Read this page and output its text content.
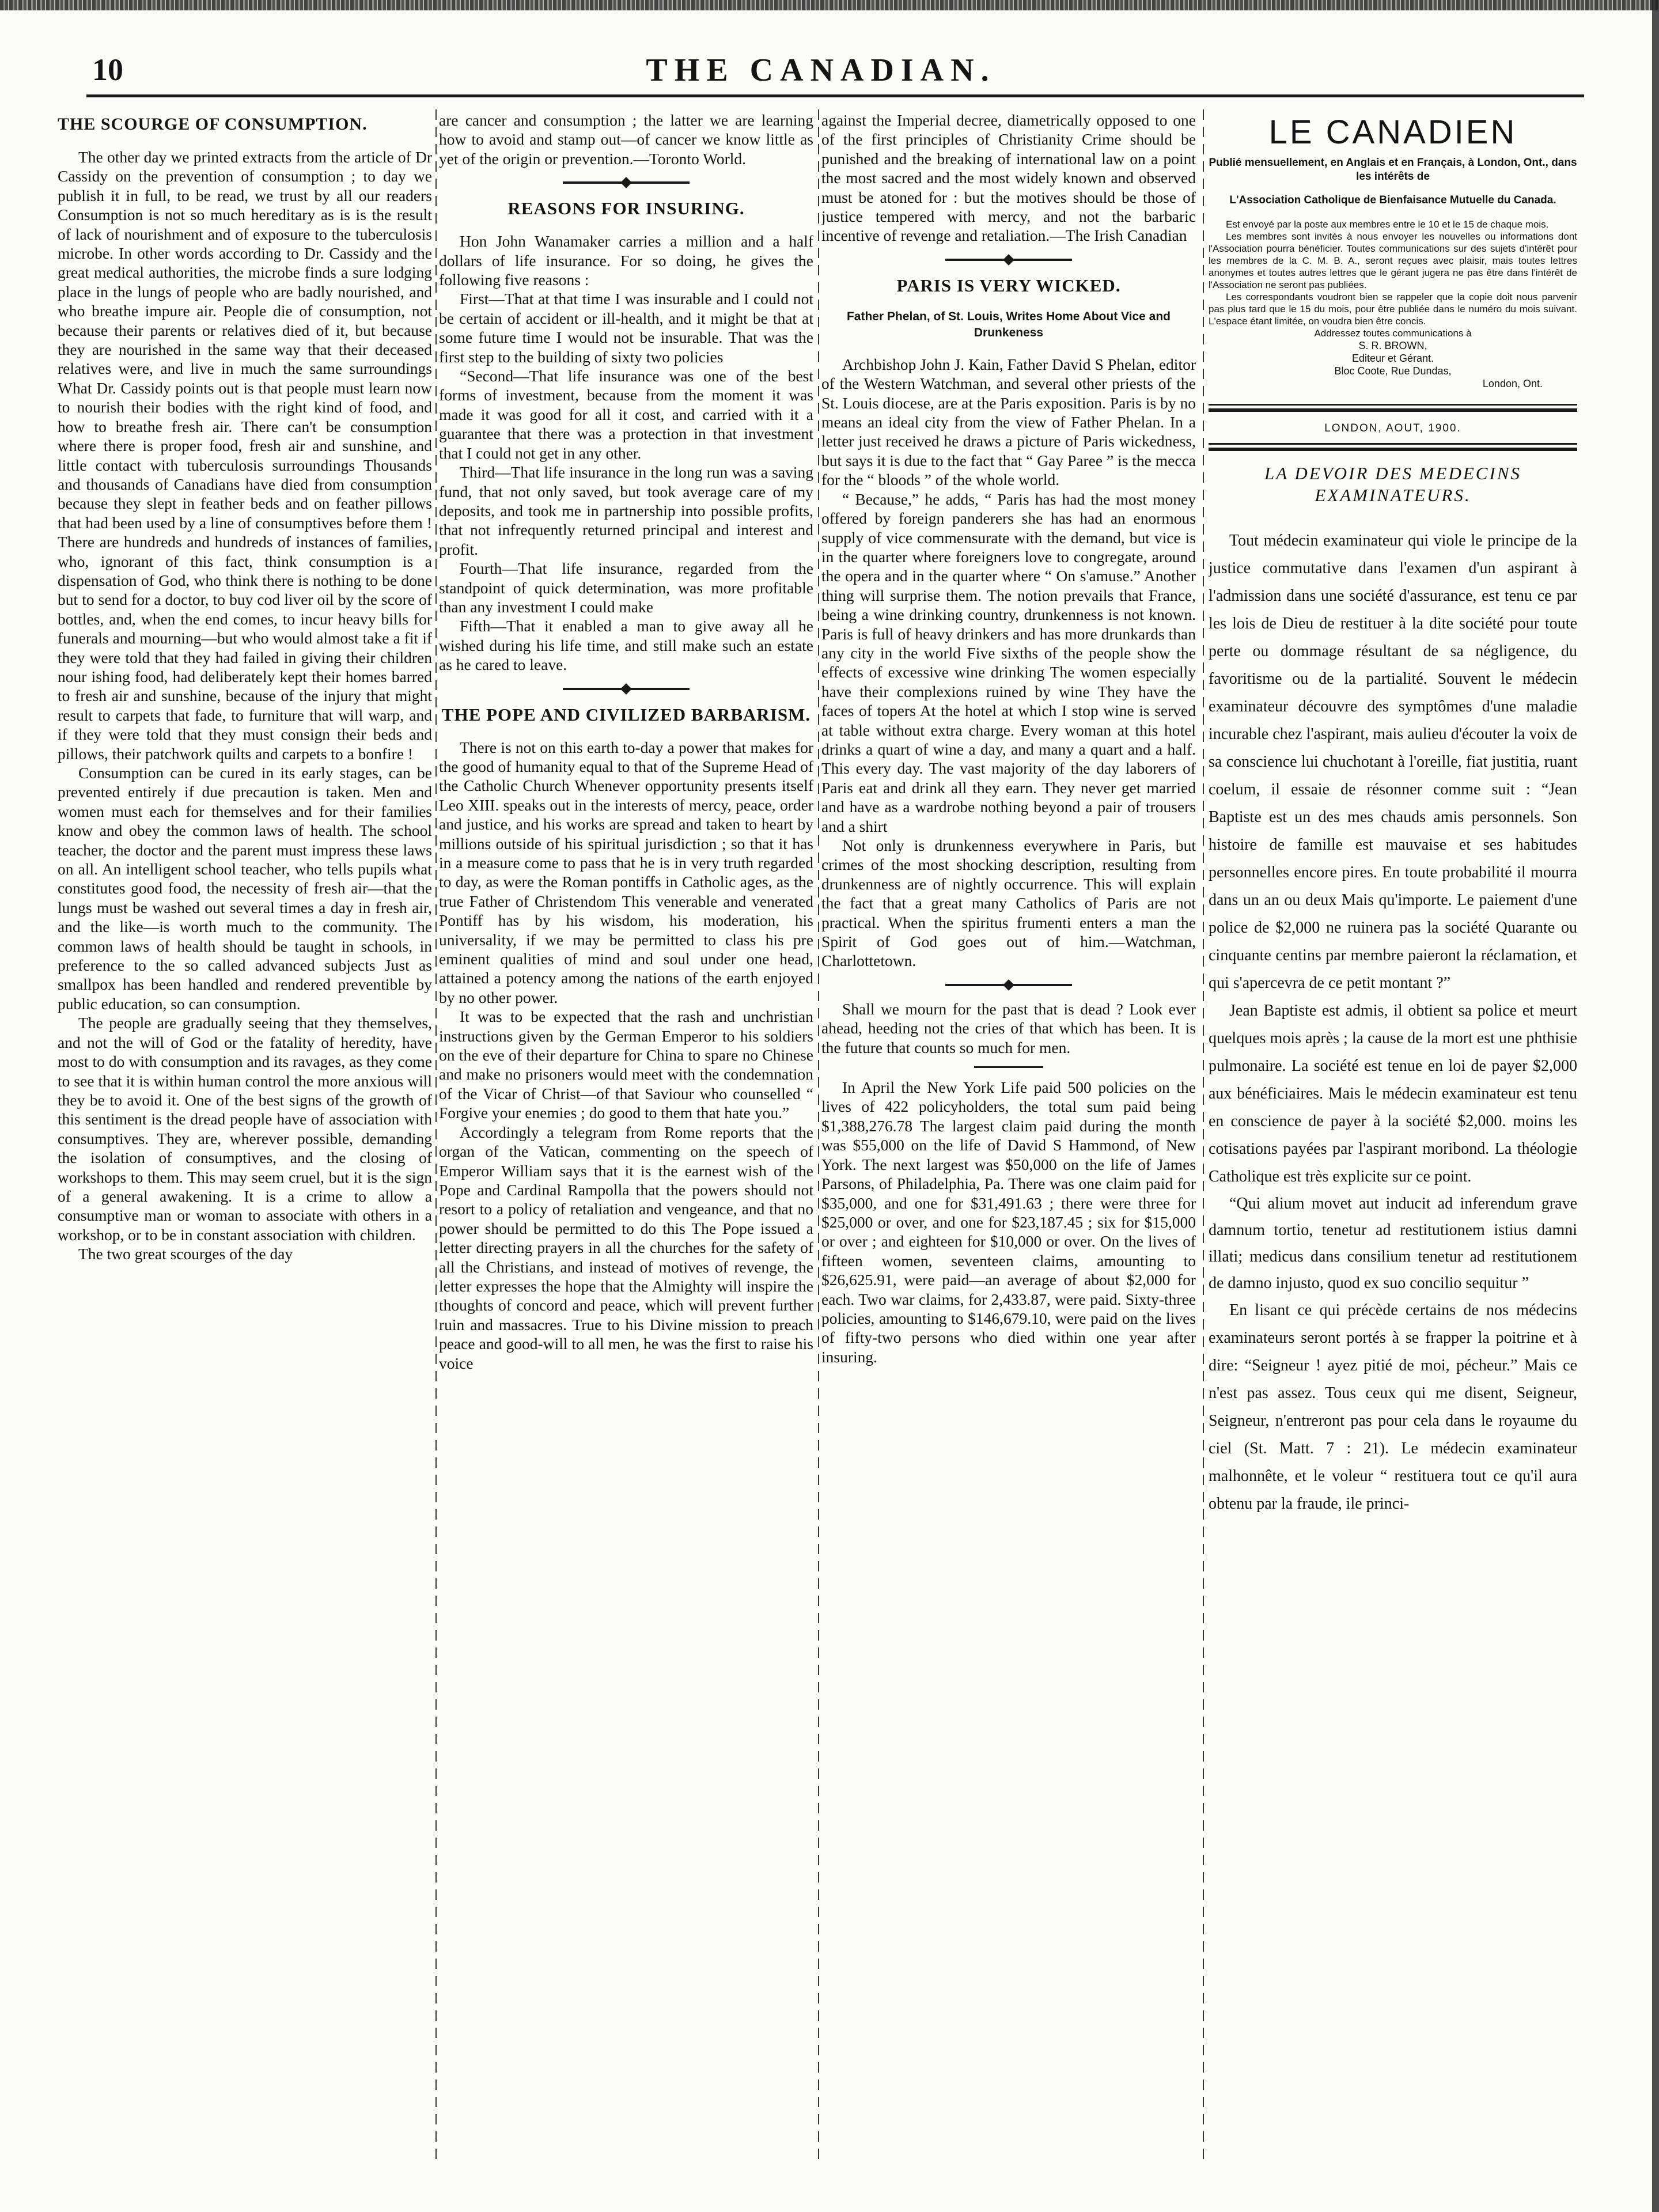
THE CANADIAN.
10
THE SCOURGE OF CONSUMPTION.

The other day we printed extracts from the article of Dr Cassidy on the prevention of consumption ; to day we publish it in full, to be read, we trust by all our readers Consumption is not so much hereditary as is is the result of lack of nourishment and of exposure to the tuberculosis microbe. In other words according to Dr. Cassidy and the great medical authorities, the microbe finds a sure lodging place in the lungs of people who are badly nourished, and who breathe impure air. People die of consumption, not because their parents or relatives died of it, but because they are nourished in the same way that their deceased relatives were, and live in much the same surroundings What Dr. Cassidy points out is that people must learn now to nourish their bodies with the right kind of food, and how to breathe fresh air. There can't be consumption where there is proper food, fresh air and sunshine, and little contact with tuberculosis surroundings Thousands and thousands of Canadians have died from consumption because they slept in feather beds and on feather pillows that had been used by a line of consumptives before them ! There are hundreds and hundreds of instances of families, who, ignorant of this fact, think consumption is a dispensation of God, who think there is nothing to be done but to send for a doctor, to buy cod liver oil by the score of bottles, and, when the end comes, to incur heavy bills for funerals and mourning—but who would almost take a fit if they were told that they had failed in giving their children nour ishing food, had deliberately kept their homes barred to fresh air and sunshine, because of the injury that might result to carpets that fade, to furniture that will warp, and if they were told that they must consign their beds and pillows, their patchwork quilts and carpets to a bonfire !

Consumption can be cured in its early stages, can be prevented entirely if due precaution is taken. Men and women must each for themselves and for their families know and obey the common laws of health. The school teacher, the doctor and the parent must impress these laws on all. An intelligent school teacher, who tells pupils what constitutes good food, the necessity of fresh air—that the lungs must be washed out several times a day in fresh air, and the like—is worth much to the community. The common laws of health should be taught in schools, in preference to the so called advanced subjects Just as smallpox has been handled and rendered preventible by public education, so can consumption.

The people are gradually seeing that they themselves, and not the will of God or the fatality of heredity, have most to do with consumption and its ravages, as they come to see that it is within human control the more anxious will they be to avoid it. One of the best signs of the growth of this sentiment is the dread people have of association with consumptives. They are, wherever possible, demanding the isolation of consumptives, and the closing of workshops to them. This may seem cruel, but it is the sign of a general awakening. It is a crime to allow a consumptive man or woman to associate with others in a workshop, or to be in constant association with children.

The two great scourges of the day

are cancer and consumption ; the latter we are learning how to avoid and stamp out—of cancer we know little as yet of the origin or prevention.—Toronto World.

REASONS FOR INSURING.

Hon John Wanamaker carries a million and a half dollars of life insurance. For so doing, he gives the following five reasons :

First—That at that time I was insurable and I could not be certain of accident or ill-health, and it might be that at some future time I would not be insurable. That was the first step to the building of sixty two policies

“Second—That life insurance was one of the best forms of investment, because from the moment it was made it was good for all it cost, and carried with it a guarantee that there was a protection in that investment that I could not get in any other.

Third—That life insurance in the long run was a saving fund, that not only saved, but took average care of my deposits, and took me in partnership into possible profits, that not infrequently returned principal and interest and profit.

Fourth—That life insurance, regarded from the standpoint of quick determination, was more profitable than any investment I could make

Fifth—That it enabled a man to give away all he wished during his life time, and still make such an estate as he cared to leave.

THE POPE AND CIVILIZED BARBARISM.

There is not on this earth to-day a power that makes for the good of humanity equal to that of the Supreme Head of the Catholic Church Whenever opportunity presents itself Leo XIII. speaks out in the interests of mercy, peace, order and justice, and his works are spread and taken to heart by millions outside of his spiritual jurisdiction ; so that it has in a measure come to pass that he is in very truth regarded to day, as were the Roman pontiffs in Catholic ages, as the true Father of Christendom This venerable and venerated Pontiff has by his wisdom, his moderation, his universality, if we may be permitted to class his pre eminent qualities of mind and soul under one head, attained a potency among the nations of the earth enjoyed by no other power.

It was to be expected that the rash and unchristian instructions given by the German Emperor to his soldiers on the eve of their departure for China to spare no Chinese and make no prisoners would meet with the condemnation of the Vicar of Christ—of that Saviour who counselled “ Forgive your enemies ; do good to them that hate you.”

Accordingly a telegram from Rome reports that the organ of the Vatican, commenting on the speech of Emperor William says that it is the earnest wish of the Pope and Cardinal Rampolla that the powers should not resort to a policy of retaliation and vengeance, and that no power should be permitted to do this The Pope issued a letter directing prayers in all the churches for the safety of all the Christians, and instead of motives of revenge, the letter expresses the hope that the Almighty will inspire the thoughts of concord and peace, which will prevent further ruin and massacres. True to his Divine mission to preach peace and good-will to all men, he was the first to raise his voice

against the Imperial decree, diametrically opposed to one of the first principles of Christianity Crime should be punished and the breaking of international law on a point the most sacred and the most widely known and observed must be atoned for : but the motives should be those of justice tempered with mercy, and not the barbaric incentive of revenge and retaliation.—The Irish Canadian

PARIS IS VERY WICKED.
Father Phelan, of St. Louis, Writes Home About Vice and Drunkeness

Archbishop John J. Kain, Father David S Phelan, editor of the Western Watchman, and several other priests of the St. Louis diocese, are at the Paris exposition. Paris is by no means an ideal city from the view of Father Phelan. In a letter just received he draws a picture of Paris wickedness, but says it is due to the fact that “ Gay Paree ” is the mecca for the “ bloods ” of the whole world.

“ Because,” he adds, “ Paris has had the most money offered by foreign panderers she has had an enormous supply of vice commensurate with the demand, but vice is in the quarter where foreigners love to congregate, around the opera and in the quarter where “ On s'amuse.” Another thing will surprise them. The notion prevails that France, being a wine drinking country, drunkenness is not known. Paris is full of heavy drinkers and has more drunkards than any city in the world Five sixths of the people show the effects of excessive wine drinking The women especially have their complexions ruined by wine They have the faces of topers At the hotel at which I stop wine is served at table without extra charge. Every woman at this hotel drinks a quart of wine a day, and many a quart and a half. This every day. The vast majority of the day laborers of Paris eat and drink all they earn. They never get married and have as a wardrobe nothing beyond a pair of trousers and a shirt

Not only is drunkenness everywhere in Paris, but crimes of the most shocking description, resulting from drunkenness are of nightly occurrence. This will explain the fact that a great many Catholics of Paris are not practical. When the spiritus frumenti enters a man the Spirit of God goes out of him.—Watchman, Charlottetown.

Shall we mourn for the past that is dead ? Look ever ahead, heeding not the cries of that which has been. It is the future that counts so much for men.

In April the New York Life paid 500 policies on the lives of 422 policyholders, the total sum paid being $1,388,276.78 The largest claim paid during the month was $55,000 on the life of David S Hammond, of New York. The next largest was $50,000 on the life of James Parsons, of Philadelphia, Pa. There was one claim paid for $35,000, and one for $31,491.63 ; there were three for $25,000 or over, and one for $23,187.45 ; six for $15,000 or over ; and eighteen for $10,000 or over. On the lives of fifteen women, seventeen claims, amounting to $26,625.91, were paid—an average of about $2,000 for each. Two war claims, for 2,433.87, were paid. Sixty-three policies, amounting to $146,679.10, were paid on the lives of fifty-two persons who died within one year after insuring.

LE CANADIEN
Publié mensuellement, en Anglais et en Français, à London, Ont., dans les intérêts de
L'Association Catholique de Bienfaisance Mutuelle du Canada.

Est envoyé par la poste aux membres entre le 10 et le 15 de chaque mois.

Les membres sont invités à nous envoyer les nouvelles ou informations dont l'Association pourra bénéficier. Toutes communications sur des sujets d'intérêt pour les membres de la C. M. B. A., seront reçues avec plaisir, mais toutes lettres anonymes et toutes autres lettres que le gérant jugera ne pas être dans l'intérêt de l'Association ne seront pas publiées.

Les correspondants voudront bien se rappeler que la copie doit nous parvenir pas plus tard que le 15 du mois, pour être publiée dans le numéro du mois suivant. L'espace étant limitée, on voudra bien être concis.

Addressez toutes communications à

S. R. BROWN,
Editeur et Gérant.
Bloc Coote, Rue Dundas,
London, Ont.
LONDON, AOUT, 1900.
LA DEVOIR DES MEDECINS EXAMINATEURS.

Tout médecin examinateur qui viole le principe de la justice commutative dans l'examen d'un aspirant à l'admission dans une société d'assurance, est tenu ce par les lois de Dieu de restituer à la dite société pour toute perte ou dommage résultant de sa négligence, du favoritisme ou de la partialité. Souvent le médecin examinateur découvre des symptômes d'une maladie incurable chez l'aspirant, mais aulieu d'écouter la voix de sa conscience lui chuchotant à l'oreille, fiat justitia, ruant coelum, il essaie de résonner comme suit : “Jean Baptiste est un des mes chauds amis personnels. Son histoire de famille est mauvaise et ses habitudes personnelles encore pires. En toute probabilité il mourra dans un an ou deux Mais qu'importe. Le paiement d'une police de $2,000 ne ruinera pas la société Quarante ou cinquante centins par membre paieront la réclamation, et qui s'apercevra de ce petit montant ?”

Jean Baptiste est admis, il obtient sa police et meurt quelques mois après ; la cause de la mort est une phthisie pulmonaire. La société est tenue en loi de payer $2,000 aux bénéficiaires. Mais le médecin examinateur est tenu en conscience de payer à la société $2,000. moins les cotisations payées par l'aspirant moribond. La théologie Catholique est très explicite sur ce point.

“Qui alium movet aut inducit ad inferendum grave damnum tortio, tenetur ad restitutionem istius damni illati; medicus dans consilium tenetur ad restitutionem de damno injusto, quod ex suo concilio sequitur ”

En lisant ce qui précède certains de nos médecins examinateurs seront portés à se frapper la poitrine et à dire: “Seigneur ! ayez pitié de moi, pécheur.” Mais ce n'est pas assez. Tous ceux qui me disent, Seigneur, Seigneur, n'entreront pas pour cela dans le royaume du ciel (St. Matt. 7 : 21). Le médecin examinateur malhonnête, et le voleur “ restituera tout ce qu'il aura obtenu par la fraude, ile princi-
